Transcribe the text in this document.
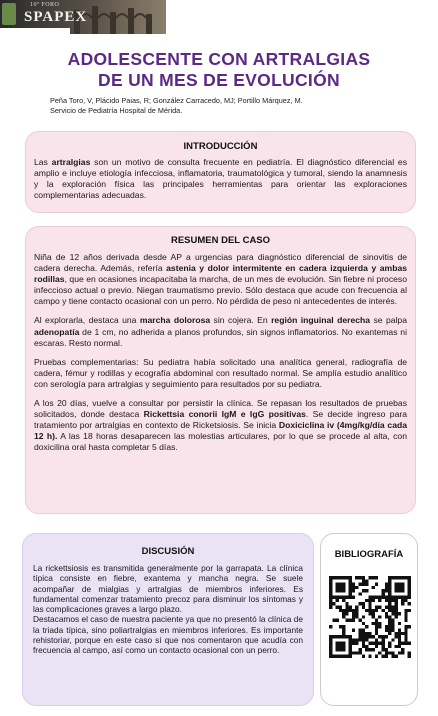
10º FORO
SPAPEX
ADOLESCENTE CON ARTRALGIAS
DE UN MES DE EVOLUCIÓN
Peña Toro, V, Plácido Paias, R; González Carracedo, MJ; Portillo Márquez, M.
Servicio de Pediatría Hospital de Mérida.
INTRODUCCIÓN

Las artralgias son un motivo de consulta frecuente en pediatría. El diagnóstico diferencial es amplio e incluye etiología infecciosa, inflamatoria, traumatológica y tumoral, siendo la anamnesis y la exploración física las principales herramientas para orientar las exploraciones complementarias adecuadas.

RESUMEN DEL CASO

Niña de 12 años derivada desde AP a urgencias para diagnóstico diferencial de sinovitis de cadera derecha. Además, refería astenia y dolor intermitente en cadera izquierda y ambas rodillas, que en ocasiones incapacitaba la marcha, de un mes de evolución. Sin fiebre ni proceso infeccioso actual o previo. Niegan traumatismo previo. Sólo destaca que acude con frecuencia al campo y tiene contacto ocasional con un perro. No pérdida de peso ni antecedentes de interés.

Al explorarla, destaca una marcha dolorosa sin cojera. En región inguinal derecha se palpa adenopatía de 1 cm, no adherida a planos profundos, sin signos inflamatorios. No exantemas ni escaras. Resto normal.

Pruebas complementarias: Su pediatra había solicitado una analítica general, radiografía de cadera, fémur y rodillas y ecografía abdominal con resultado normal. Se amplía estudio analítico con serología para artralgias y seguimiento para resultados por su pediatra.

A los 20 días, vuelve a consultar por persistir la clínica. Se repasan los resultados de pruebas solicitados, donde destaca Rickettsia conorii IgM e IgG positivas. Se decide ingreso para tratamiento por artralgias en contexto de Ricketsiosis. Se inicia Doxiciclina iv (4mg/kg/día cada 12 h). A las 18 horas desaparecen las molestias articulares, por lo que se procede al alta, con doxicilina oral hasta completar 5 días.

DISCUSIÓN

La rickettsiosis es transmitida generalmente por la garrapata. La clínica típica consiste en fiebre, exantema y mancha negra. Se suele acompañar de mialgias y artralgias de miembros inferiores. Es fundamental comenzar tratamiento precoz para disminuir los síntomas y las complicaciones graves a largo plazo.

Destacamos el caso de nuestra paciente ya que no presentó la clínica de la triada típica, sino poliartralgias en miembros inferiores. Es importante rehistoriar, porque en este caso sí que nos comentaron que acudía con frecuencia al campo, así como un contacto ocasional con un perro.

BIBLIOGRAFÍA
